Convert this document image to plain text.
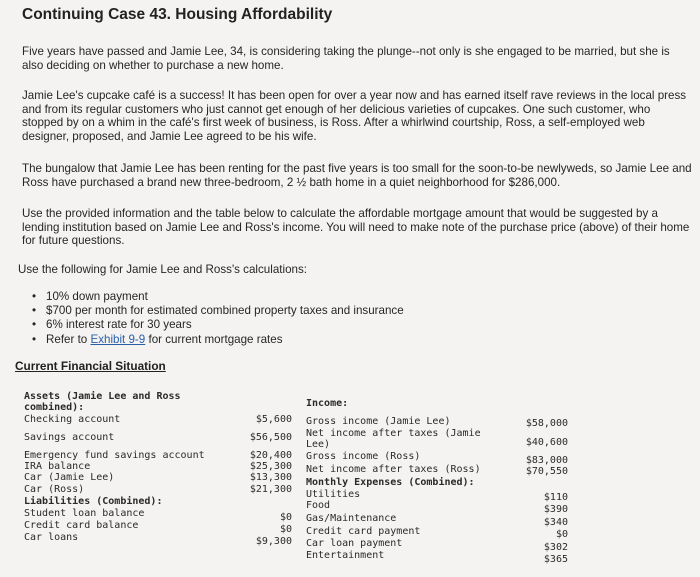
Continuing Case 43. Housing Affordability
Five years have passed and Jamie Lee, 34, is considering taking the plunge--not only is she engaged to be married, but she is also deciding on whether to purchase a new home.
Jamie Lee's cupcake café is a success! It has been open for over a year now and has earned itself rave reviews in the local press and from its regular customers who just cannot get enough of her delicious varieties of cupcakes. One such customer, who stopped by on a whim in the café's first week of business, is Ross. After a whirlwind courtship, Ross, a self-employed web designer, proposed, and Jamie Lee agreed to be his wife.
The bungalow that Jamie Lee has been renting for the past five years is too small for the soon-to-be newlyweds, so Jamie Lee and Ross have purchased a brand new three-bedroom, 2 ½ bath home in a quiet neighborhood for $286,000.
Use the provided information and the table below to calculate the affordable mortgage amount that would be suggested by a lending institution based on Jamie Lee and Ross's income. You will need to make note of the purchase price (above) of their home for future questions.
Use the following for Jamie Lee and Ross's calculations:
• 10% down payment
• $700 per month for estimated combined property taxes and insurance
• 6% interest rate for 30 years
• Refer to Exhibit 9-9 for current mortgage rates
Current Financial Situation
Assets (Jamie Lee and Ross
combined):
Checking account	$5,600
Savings account	$56,500
Emergency fund savings account	$20,400
IRA balance	$25,300
Car (Jamie Lee)	$13,300
Car (Ross)	$21,300
Liabilities (Combined):
Student loan balance	$0
Credit card balance	$0
Car loans	$9,300
Income:
Gross income (Jamie Lee)	$58,000
Net income after taxes (Jamie
Lee)	$40,600
Gross income (Ross)	$83,000
Net income after taxes (Ross)	$70,550
Monthly Expenses (Combined):
Utilities	$110
Food	$390
Gas/Maintenance	$340
Credit card payment	$0
Car loan payment	$302
Entertainment	$365
